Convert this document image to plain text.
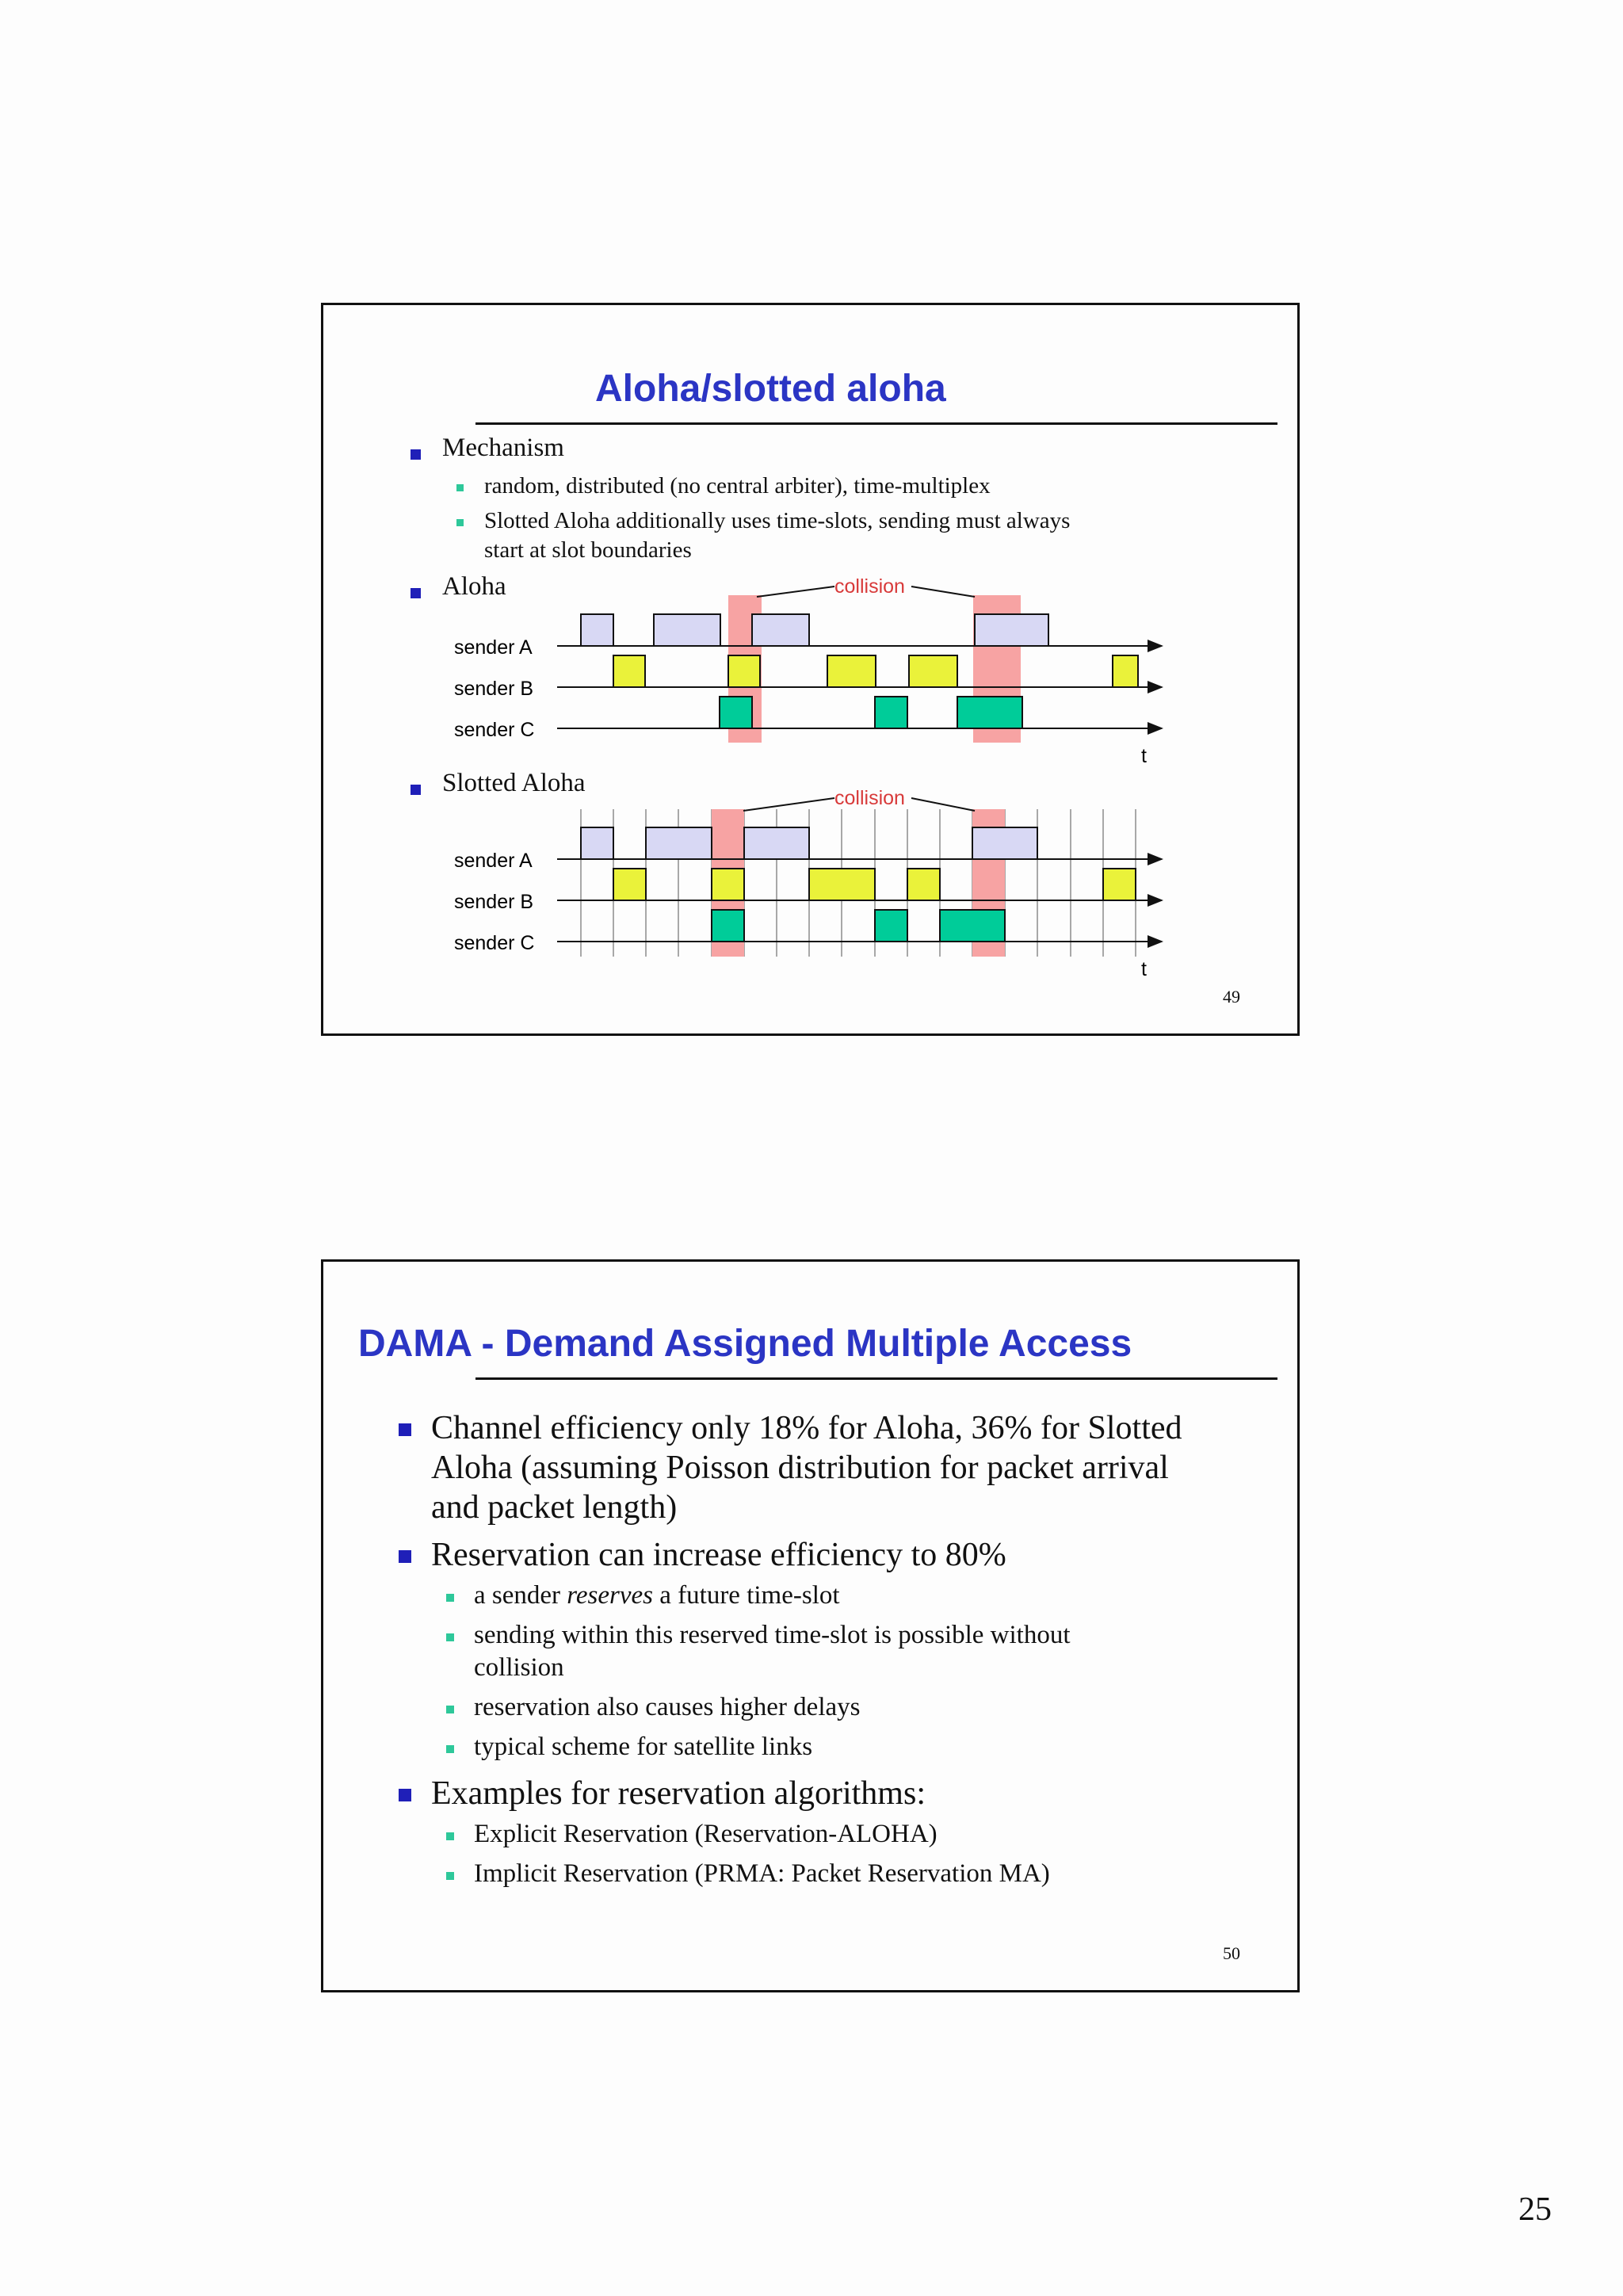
Aloha/slotted aloha
Mechanism
random, distributed (no central arbiter), time-multiplex
Slotted Aloha additionally uses time-slots, sending must always
start at slot boundaries
Aloha
Slotted Aloha
collision
sender A
sender B
sender C
t
collision
sender A
sender B
sender C
t
49
DAMA - Demand Assigned Multiple Access
Channel efficiency only 18% for Aloha, 36% for Slotted
Aloha (assuming Poisson distribution for packet arrival
and packet length)
Reservation can increase efficiency to 80%
a sender reserves a future time-slot
sending within this reserved time-slot is possible without
collision
reservation also causes higher delays
typical scheme for satellite links
Examples for reservation algorithms:
Explicit Reservation (Reservation-ALOHA)
Implicit Reservation (PRMA: Packet Reservation MA)
50
25
